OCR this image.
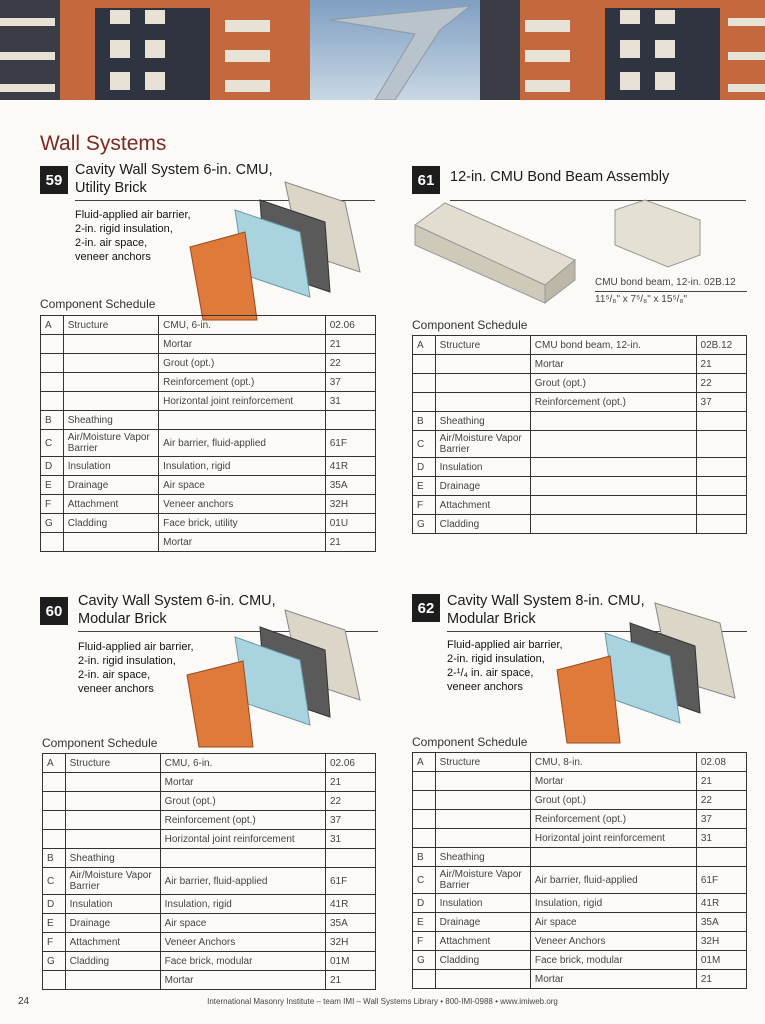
Wall Systems
59
Cavity Wall System 6-in. CMU,
Utility Brick
Fluid-applied air barrier,
2-in. rigid insulation,
2-in. air space,
veneer anchors
Component Schedule
A	Structure	CMU, 6-in.	02.06
		Mortar	21
		Grout (opt.)	22
		Reinforcement (opt.)	37
		Horizontal joint reinforcement	31
B	Sheathing		
C	Air/Moisture Vapor Barrier	Air barrier, fluid-applied	61F
D	Insulation	Insulation, rigid	41R
E	Drainage	Air space	35A
F	Attachment	Veneer anchors	32H
G	Cladding	Face brick, utility	01U
		Mortar	21
61	12-in. CMU Bond Beam Assembly
CMU bond beam, 12-in. 02B.12
11⁵/₈" x 7⁵/₈" x 15⁵/₈"
Component Schedule
A	Structure	CMU bond beam, 12-in.	02B.12
		Mortar	21
		Grout (opt.)	22
		Reinforcement (opt.)	37
B	Sheathing		
C	Air/Moisture Vapor Barrier		
D	Insulation		
E	Drainage		
F	Attachment		
G	Cladding		
60
Cavity Wall System 6-in. CMU,
Modular Brick
Fluid-applied air barrier,
2-in. rigid insulation,
2-in. air space,
veneer anchors
Component Schedule
A	Structure	CMU, 6-in.	02.06
		Mortar	21
		Grout (opt.)	22
		Reinforcement (opt.)	37
		Horizontal joint reinforcement	31
B	Sheathing		
C	Air/Moisture Vapor Barrier	Air barrier, fluid-applied	61F
D	Insulation	Insulation, rigid	41R
E	Drainage	Air space	35A
F	Attachment	Veneer Anchors	32H
G	Cladding	Face brick, modular	01M
		Mortar	21
62 Cavity Wall System 8-in. CMU,
Modular Brick
Fluid-applied air barrier,
2-in. rigid insulation,
2-¹/₄ in. air space,
veneer anchors
Component Schedule
A	Structure	CMU, 8-in.	02.08
		Mortar	21
		Grout (opt.)	22
		Reinforcement (opt.)	37
		Horizontal joint reinforcement	31
B	Sheathing		
C	Air/Moisture Vapor Barrier	Air barrier, fluid-applied	61F
D	Insulation	Insulation, rigid	41R
E	Drainage	Air space	35A
F	Attachment	Veneer Anchors	32H
G	Cladding	Face brick, modular	01M
		Mortar	21
24	International Masonry Institute – team IMI – Wall Systems Library • 800-IMI-0988 • www.imiweb.org
